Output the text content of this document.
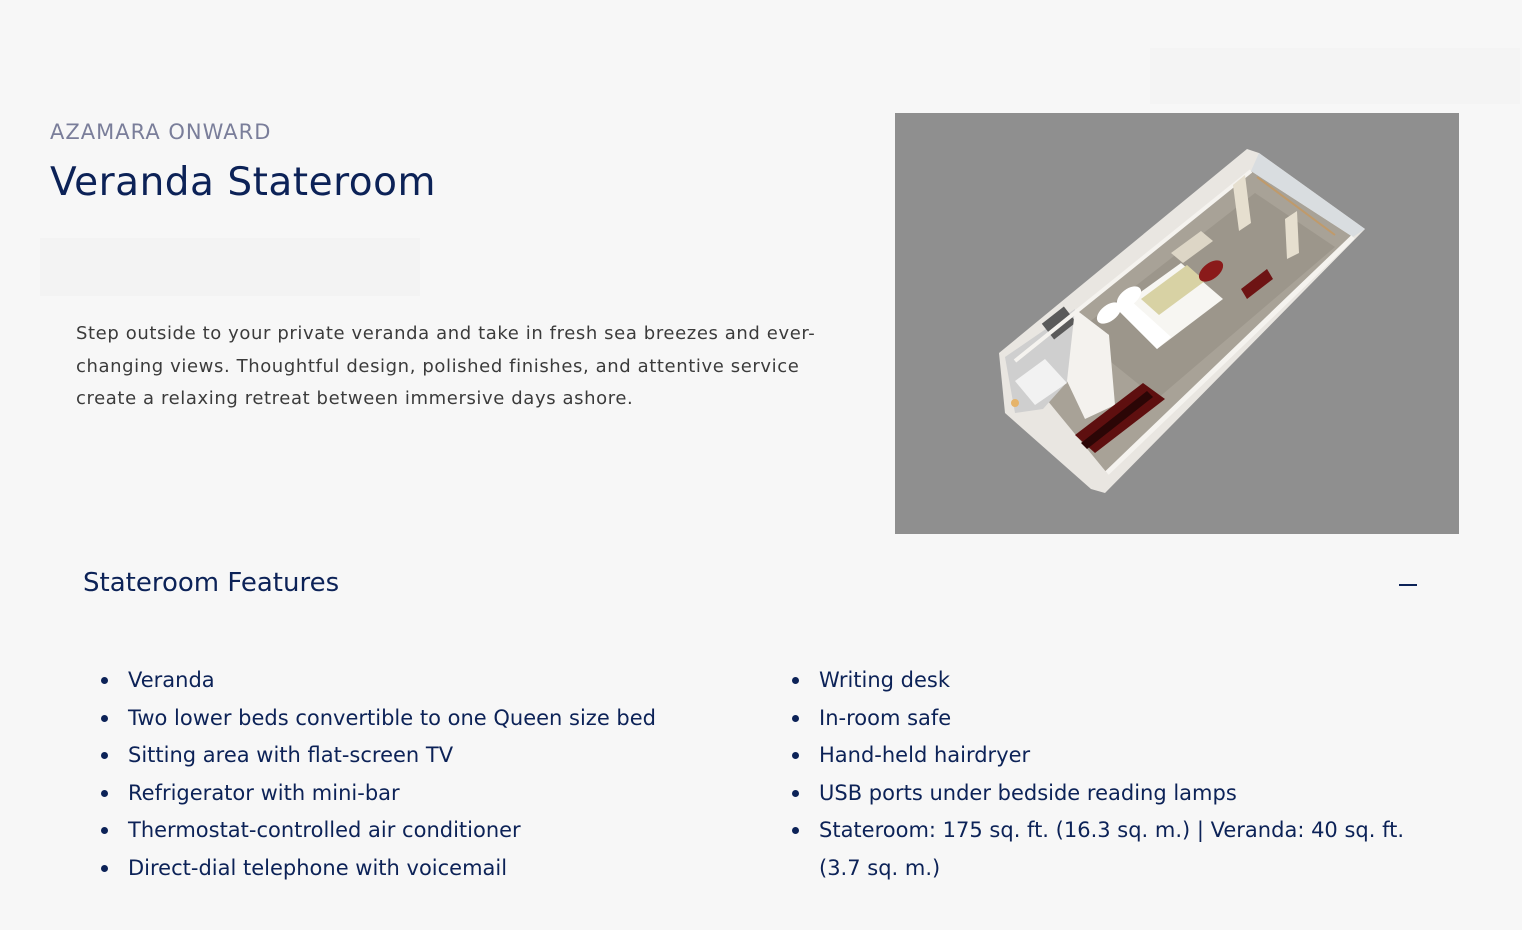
AZAMARA ONWARD

Veranda Stateroom

Step outside to your private veranda and take in fresh sea breezes and ever-changing views. Thoughtful design, polished finishes, and attentive service create a relaxing retreat between immersive days ashore.

Stateroom Features
Veranda
Two lower beds convertible to one Queen size bed
Sitting area with flat-screen TV
Refrigerator with mini-bar
Thermostat-controlled air conditioner
Direct-dial telephone with voicemail
Writing desk
In-room safe
Hand-held hairdryer
USB ports under bedside reading lamps
Stateroom: 175 sq. ft. (16.3 sq. m.) | Veranda: 40 sq. ft. (3.7 sq. m.)
